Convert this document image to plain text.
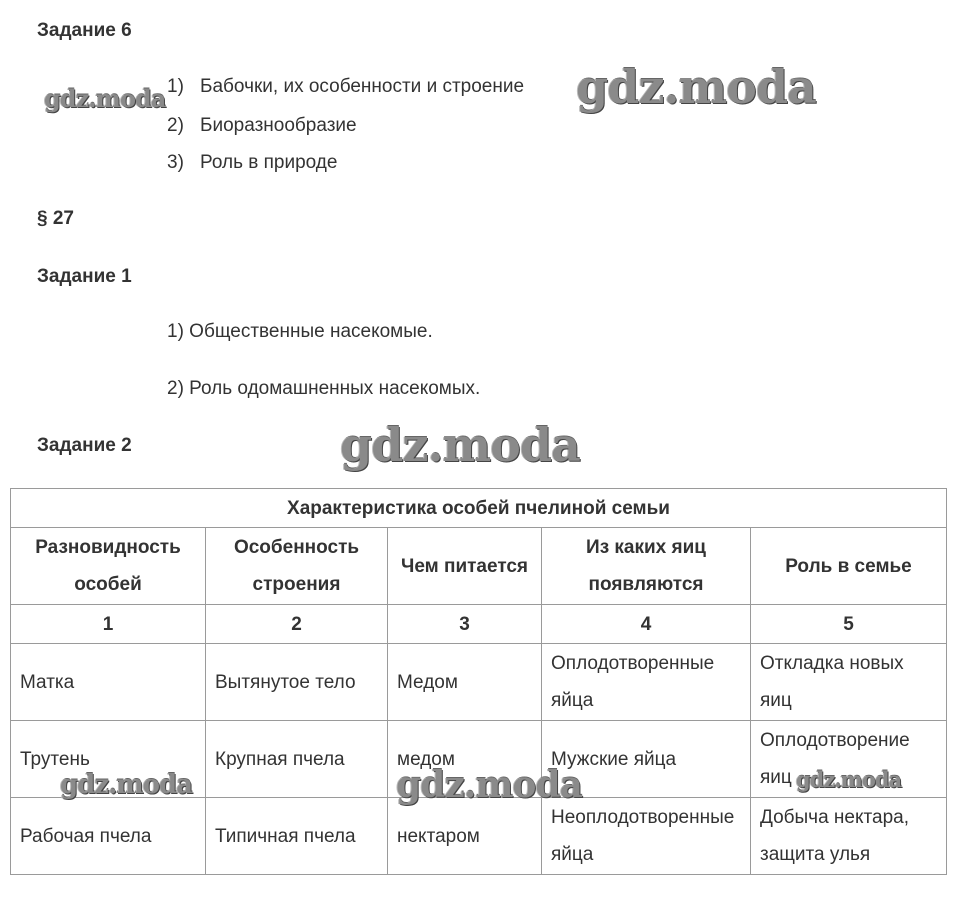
Задание 6
1) Бабочки, их особенности и строение
2) Биоразнообразие
3) Роль в природе
§ 27
Задание 1
1) Общественные насекомые.
2) Роль одомашненных насекомых.
Задание 2
Характеристика особей пчелиной семьи				
Разновидность особей	Особенность строения	Чем питается	Из каких яиц появляются	Роль в семье
1	2	3	4	5
Матка	Вытянутое тело	Медом	Оплодотворенные яйца	Откладка новых яиц
Трутень	Крупная пчела	медом	Мужские яйца	Оплодотворение яиц
Рабочая пчела	Типичная пчела	нектаром	Неоплодотворенные яйца	Добыча нектара, защита улья
gdz.moda	gdz.moda
gdz.moda
gdz.moda	gdz.moda	gdz.moda
